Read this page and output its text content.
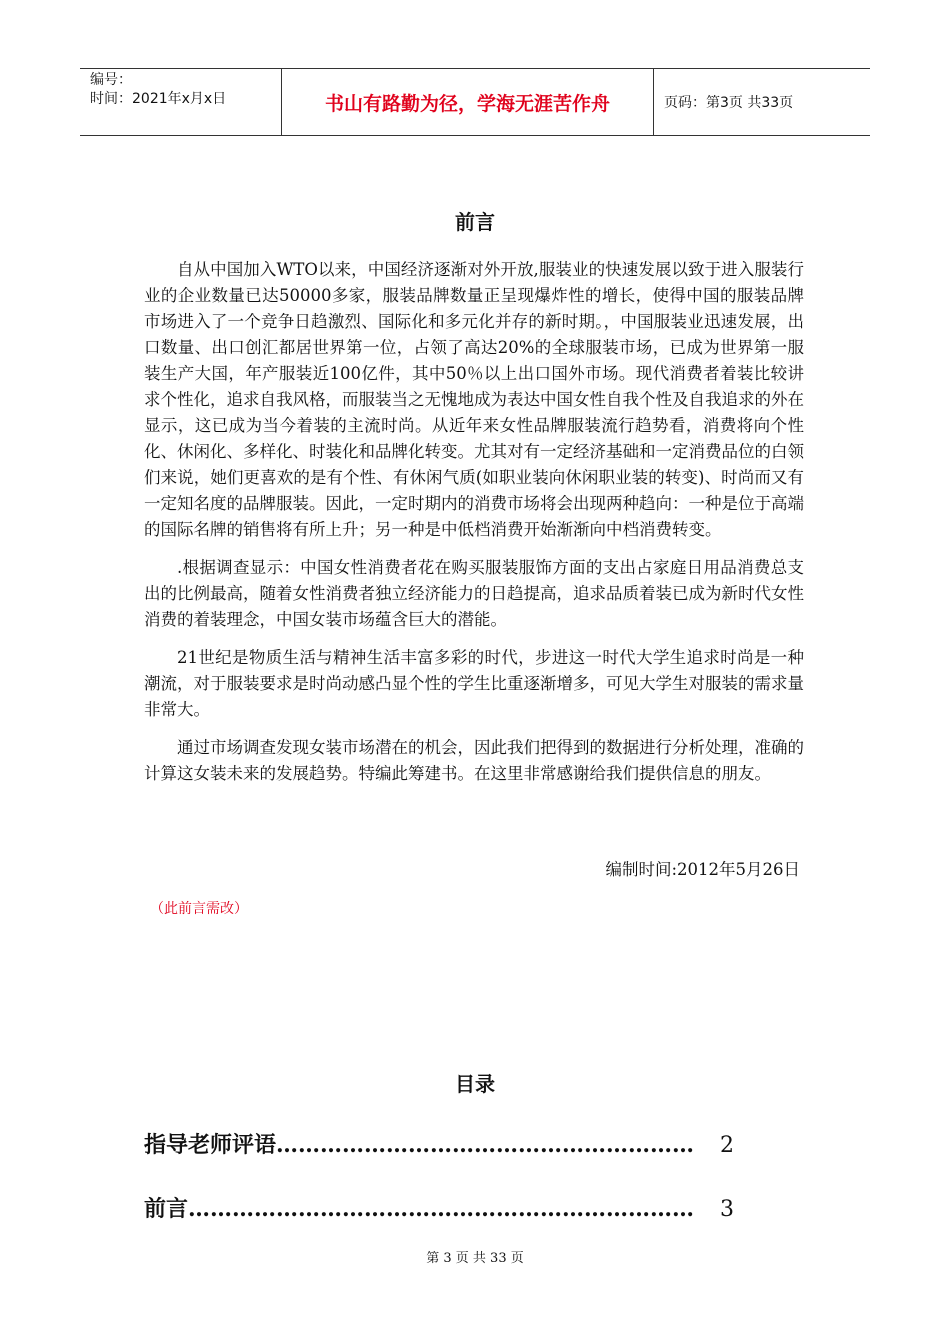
编号：
时间：2021年x月x日	书山有路勤为径，学海无涯苦作舟	页码：第3页 共33页
前言

自从中国加入WTO以来，中国经济逐渐对外开放,服装业的快速发展以致于进入服装行业的企业数量已达50000多家，服装品牌数量正呈现爆炸性的增长，使得中国的服装品牌市场进入了一个竞争日趋激烈、国际化和多元化并存的新时期。，中国服装业迅速发展，出口数量、出口创汇都居世界第一位，占领了高达20%的全球服装市场，已成为世界第一服装生产大国，年产服装近100亿件，其中50％以上出口国外市场。现代消费者着装比较讲求个性化，追求自我风格，而服装当之无愧地成为表达中国女性自我个性及自我追求的外在显示，这已成为当今着装的主流时尚。从近年来女性品牌服装流行趋势看，消费将向个性化、休闲化、多样化、时装化和品牌化转变。尤其对有一定经济基础和一定消费品位的白领们来说，她们更喜欢的是有个性、有休闲气质(如职业装向休闲职业装的转变)、时尚而又有一定知名度的品牌服装。因此，一定时期内的消费市场将会出现两种趋向：一种是位于高端的国际名牌的销售将有所上升；另一种是中低档消费开始渐渐向中档消费转变。

.根据调查显示：中国女性消费者花在购买服装服饰方面的支出占家庭日用品消费总支出的比例最高，随着女性消费者独立经济能力的日趋提高，追求品质着装已成为新时代女性消费的着装理念，中国女装市场蕴含巨大的潜能。

21世纪是物质生活与精神生活丰富多彩的时代，步进这一时代大学生追求时尚是一种潮流，对于服装要求是时尚动感凸显个性的学生比重逐渐增多，可见大学生对服装的需求量非常大。

通过市场调查发现女装市场潜在的机会，因此我们把得到的数据进行分析处理，准确的计算这女装未来的发展趋势。特编此筹建书。在这里非常感谢给我们提供信息的朋友。

编制时间:2012年5月26日
（此前言需改）
目录
指导老师评语 …………………………………………………	2
前言 ……………………………………………………………	3
第 3 页 共 33 页
